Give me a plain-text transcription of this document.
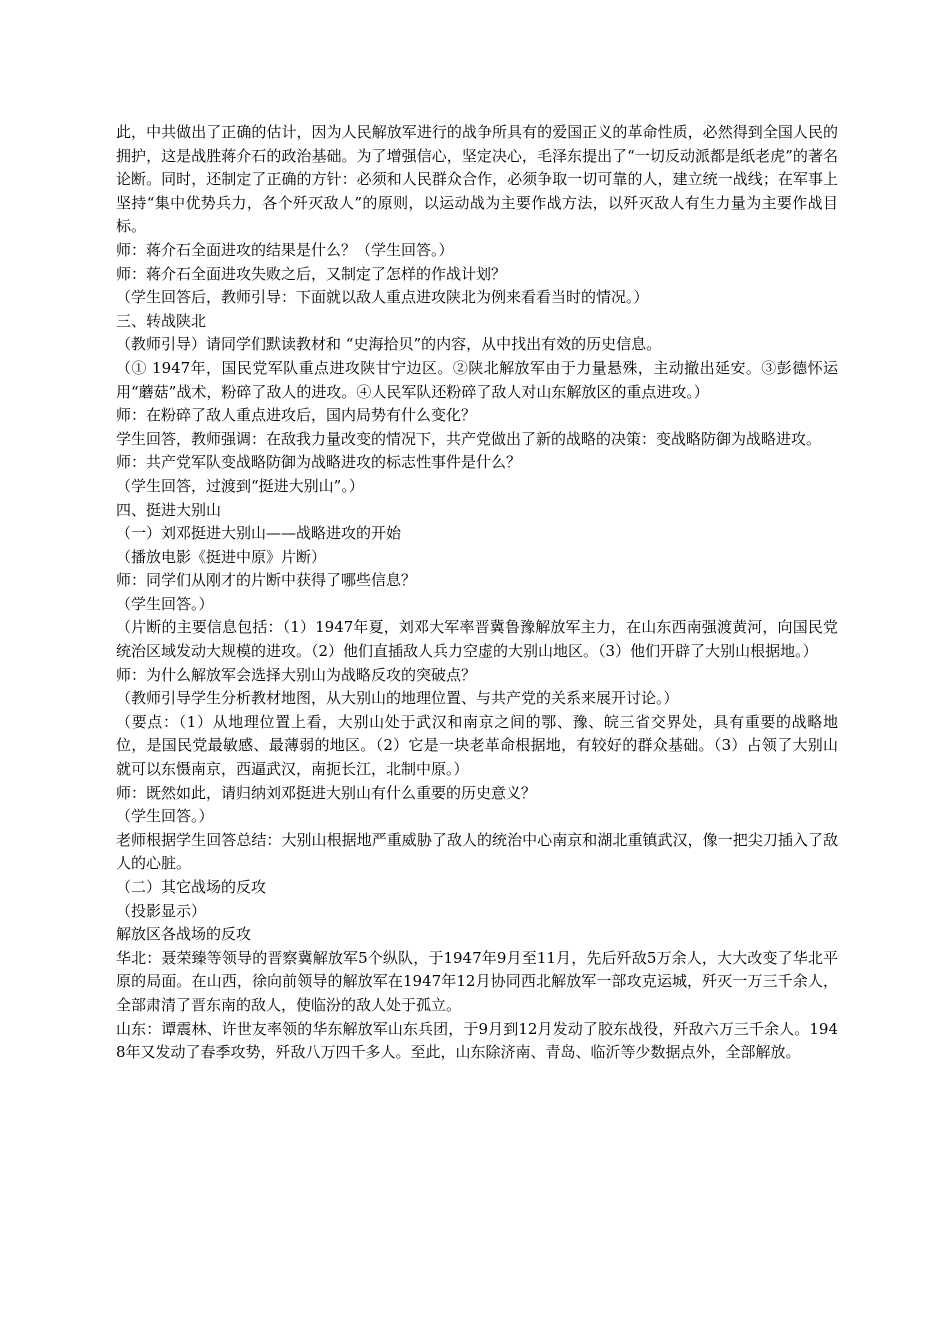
此，中共做出了正确的估计，因为人民解放军进行的战争所具有的爱国正义的革命性质，必然得到全国人民的拥护，这是战胜蒋介石的政治基础。为了增强信心，坚定决心，毛泽东提出了“一切反动派都是纸老虎”的著名论断。同时，还制定了正确的方针：必须和人民群众合作，必须争取一切可靠的人，建立统一战线；在军事上坚持“集中优势兵力，各个歼灭敌人”的原则，以运动战为主要作战方法，以歼灭敌人有生力量为主要作战目标。

师：蒋介石全面进攻的结果是什么？（学生回答。）

师：蒋介石全面进攻失败之后，又制定了怎样的作战计划？

（学生回答后，教师引导：下面就以敌人重点进攻陕北为例来看看当时的情况。）

三、转战陕北

（教师引导）请同学们默读教材和 “史海拾贝”的内容，从中找出有效的历史信息。

（① 1947年，国民党军队重点进攻陕甘宁边区。②陕北解放军由于力量悬殊，主动撤出延安。③彭德怀运用“蘑菇”战术，粉碎了敌人的进攻。④人民军队还粉碎了敌人对山东解放区的重点进攻。）

师：在粉碎了敌人重点进攻后，国内局势有什么变化？

学生回答，教师强调：在敌我力量改变的情况下，共产党做出了新的战略的决策：变战略防御为战略进攻。

师：共产党军队变战略防御为战略进攻的标志性事件是什么？

（学生回答，过渡到“挺进大别山”。）

四、挺进大别山

（一）刘邓挺进大别山——战略进攻的开始

（播放电影《挺进中原》片断）

师：同学们从刚才的片断中获得了哪些信息？

（学生回答。）

（片断的主要信息包括：（1）1947年夏，刘邓大军率晋冀鲁豫解放军主力，在山东西南强渡黄河，向国民党统治区域发动大规模的进攻。（2）他们直插敌人兵力空虚的大别山地区。（3）他们开辟了大别山根据地。）

师：为什么解放军会选择大别山为战略反攻的突破点？

（教师引导学生分析教材地图，从大别山的地理位置、与共产党的关系来展开讨论。）

（要点：（1）从地理位置上看，大别山处于武汉和南京之间的鄂、豫、皖三省交界处，具有重要的战略地位，是国民党最敏感、最薄弱的地区。（2）它是一块老革命根据地，有较好的群众基础。（3）占领了大别山就可以东慑南京，西逼武汉，南扼长江，北制中原。）

师：既然如此，请归纳刘邓挺进大别山有什么重要的历史意义？

（学生回答。）

老师根据学生回答总结：大别山根据地严重威胁了敌人的统治中心南京和湖北重镇武汉，像一把尖刀插入了敌人的心脏。

（二）其它战场的反攻

（投影显示）

解放区各战场的反攻

华北：聂荣臻等领导的晋察冀解放军5个纵队，于1947年9月至11月，先后歼敌5万余人，大大改变了华北平原的局面。在山西，徐向前领导的解放军在1947年12月协同西北解放军一部攻克运城，歼灭一万三千余人，全部肃清了晋东南的敌人，使临汾的敌人处于孤立。

山东：谭震林、许世友率领的华东解放军山东兵团，于9月到12月发动了胶东战役，歼敌六万三千余人。1948年又发动了春季攻势，歼敌八万四千多人。至此，山东除济南、青岛、临沂等少数据点外，全部解放。
